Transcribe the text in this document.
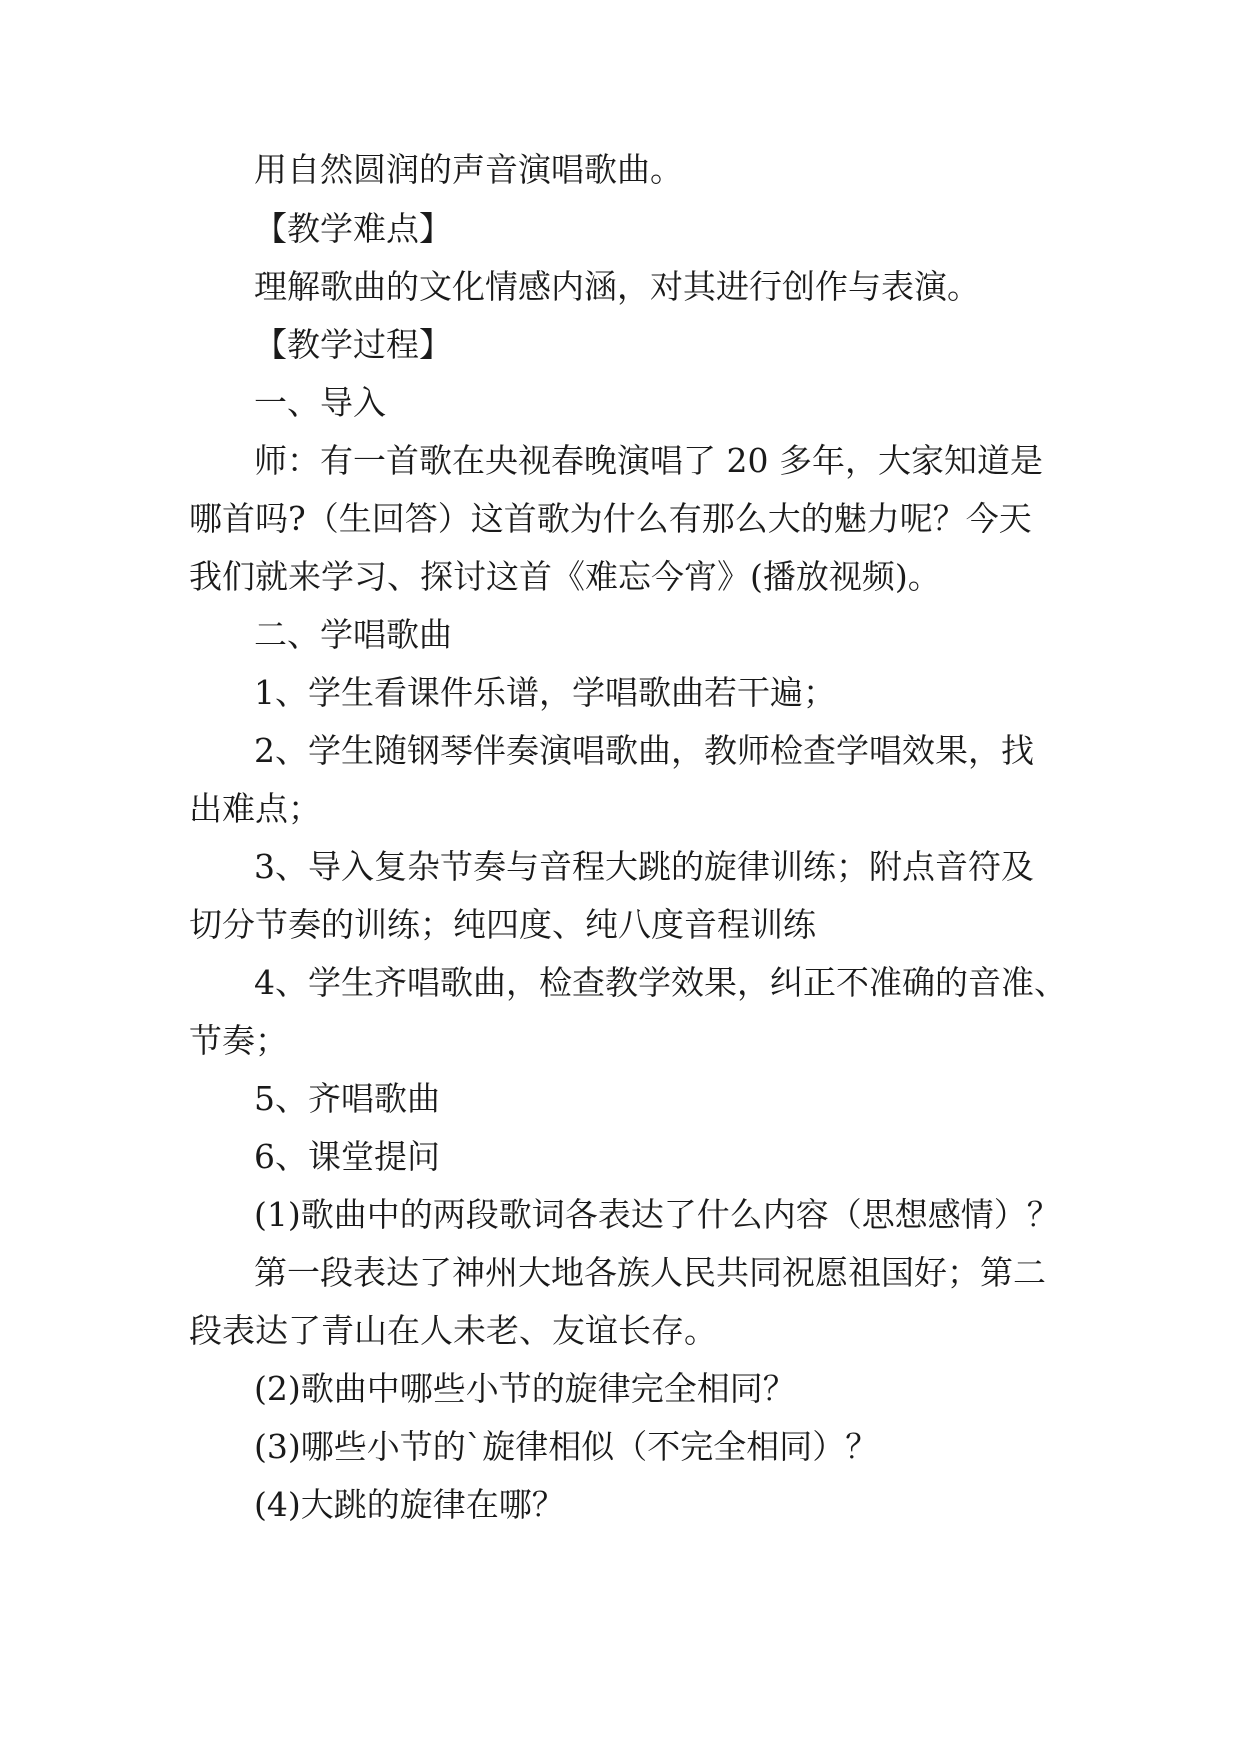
用自然圆润的声音演唱歌曲。
【教学难点】
理解歌曲的文化情感内涵，对其进行创作与表演。
【教学过程】
一、导入
师：有一首歌在央视春晚演唱了 20 多年，大家知道是
哪首吗?（生回答）这首歌为什么有那么大的魅力呢？今天
我们就来学习、探讨这首《难忘今宵》(播放视频)。
二、学唱歌曲
1、学生看课件乐谱，学唱歌曲若干遍；
2、学生随钢琴伴奏演唱歌曲，教师检查学唱效果，找
出难点；
3、导入复杂节奏与音程大跳的旋律训练；附点音符及
切分节奏的训练；纯四度、纯八度音程训练
4、学生齐唱歌曲，检查教学效果，纠正不准确的音准、
节奏；
5、齐唱歌曲
6、课堂提问
(1)歌曲中的两段歌词各表达了什么内容（思想感情）？
第一段表达了神州大地各族人民共同祝愿祖国好；第二
段表达了青山在人未老、友谊长存。
(2)歌曲中哪些小节的旋律完全相同？
(3)哪些小节的`旋律相似（不完全相同）？
(4)大跳的旋律在哪？
